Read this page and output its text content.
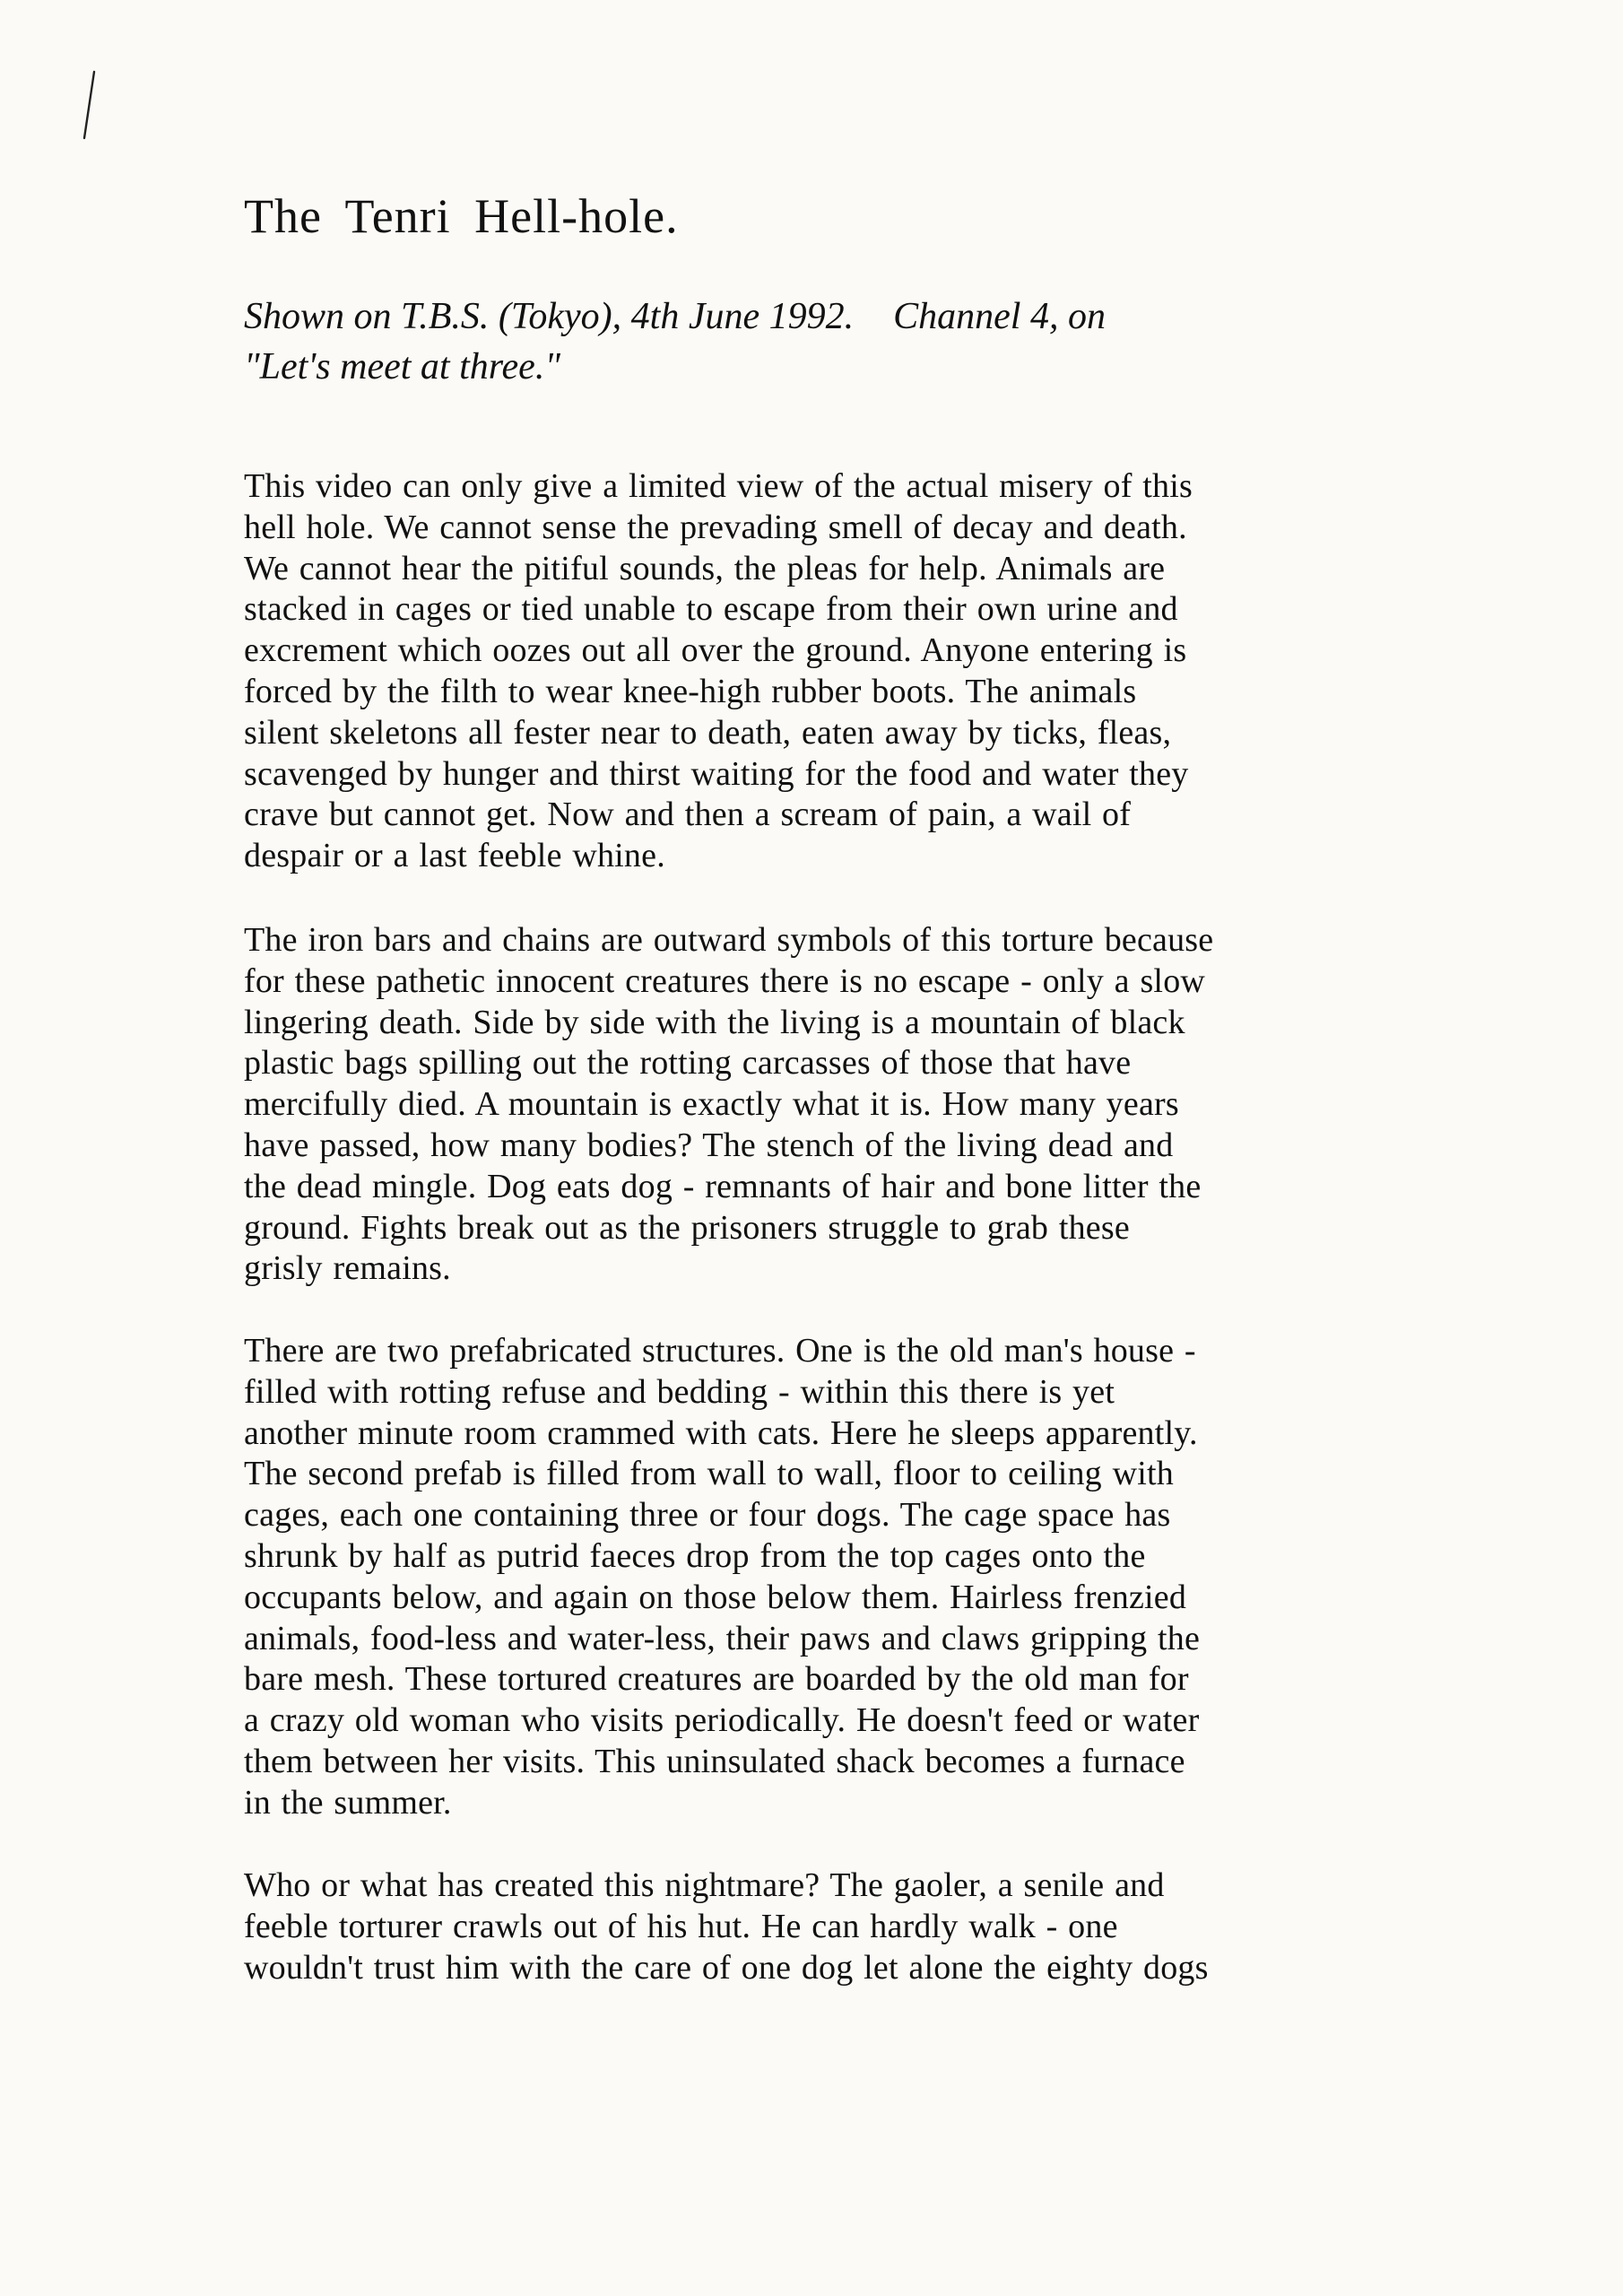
The Tenri Hell-hole.
Shown on T.B.S. (Tokyo), 4th June 1992. Channel 4, on
"Let's meet at three."
This video can only give a limited view of the actual misery of this
hell hole. We cannot sense the prevading smell of decay and death.
We cannot hear the pitiful sounds, the pleas for help. Animals are
stacked in cages or tied unable to escape from their own urine and
excrement which oozes out all over the ground. Anyone entering is
forced by the filth to wear knee-high rubber boots. The animals
silent skeletons all fester near to death, eaten away by ticks, fleas,
scavenged by hunger and thirst waiting for the food and water they
crave but cannot get. Now and then a scream of pain, a wail of
despair or a last feeble whine.
The iron bars and chains are outward symbols of this torture because
for these pathetic innocent creatures there is no escape - only a slow
lingering death. Side by side with the living is a mountain of black
plastic bags spilling out the rotting carcasses of those that have
mercifully died. A mountain is exactly what it is. How many years
have passed, how many bodies? The stench of the living dead and
the dead mingle. Dog eats dog - remnants of hair and bone litter the
ground. Fights break out as the prisoners struggle to grab these
grisly remains.
There are two prefabricated structures. One is the old man's house -
filled with rotting refuse and bedding - within this there is yet
another minute room crammed with cats. Here he sleeps apparently.
The second prefab is filled from wall to wall, floor to ceiling with
cages, each one containing three or four dogs. The cage space has
shrunk by half as putrid faeces drop from the top cages onto the
occupants below, and again on those below them. Hairless frenzied
animals, food-less and water-less, their paws and claws gripping the
bare mesh. These tortured creatures are boarded by the old man for
a crazy old woman who visits periodically. He doesn't feed or water
them between her visits. This uninsulated shack becomes a furnace
in the summer.
Who or what has created this nightmare? The gaoler, a senile and
feeble torturer crawls out of his hut. He can hardly walk - one
wouldn't trust him with the care of one dog let alone the eighty dogs
